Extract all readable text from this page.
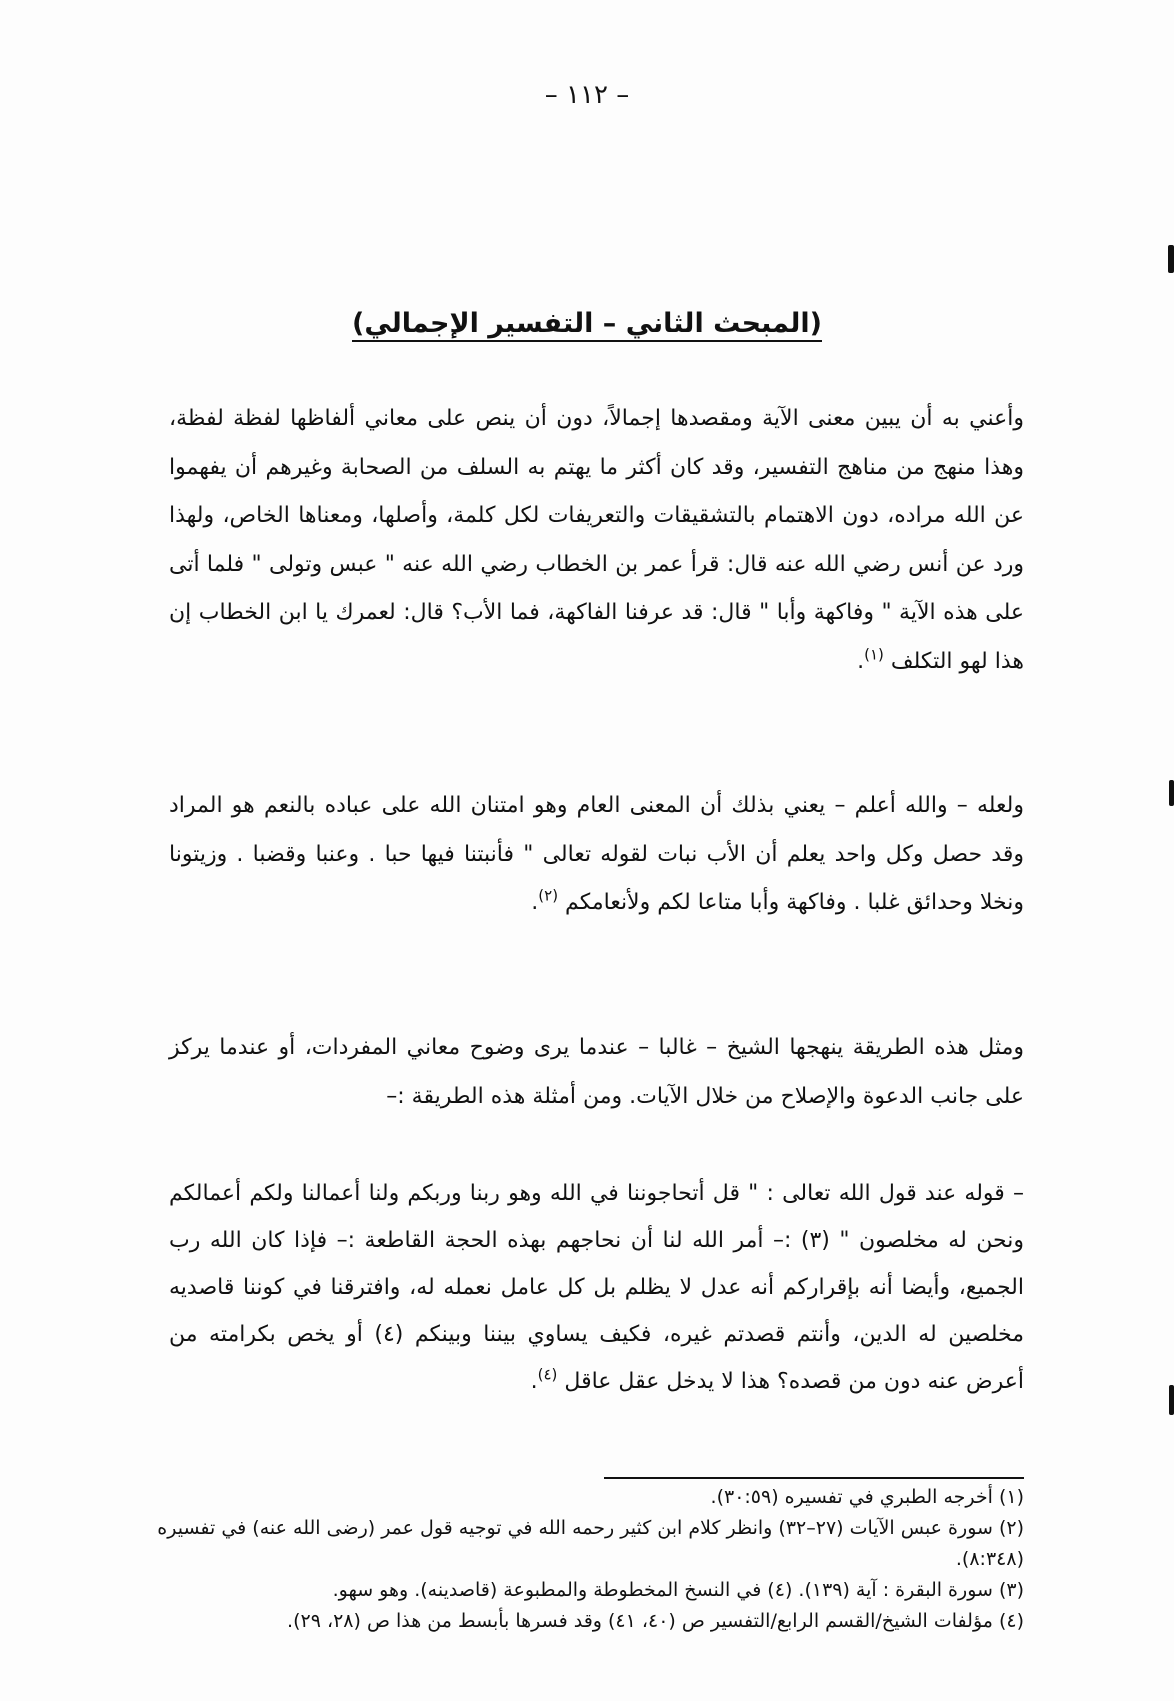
– ١١٢ –
(المبحث الثاني – التفسير الإجمالي)

وأعني به أن يبين معنى الآية ومقصدها إجمالاً، دون أن ينص على معاني ألفاظها لفظة لفظة، وهذا منهج من مناهج التفسير، وقد كان أكثر ما يهتم به السلف من الصحابة وغيرهم أن يفهموا عن الله مراده، دون الاهتمام بالتشقيقات والتعريفات لكل كلمة، وأصلها، ومعناها الخاص، ولهذا ورد عن أنس رضي الله عنه قال: قرأ عمر بن الخطاب رضي الله عنه " عبس وتولى " فلما أتى على هذه الآية " وفاكهة وأبا " قال: قد عرفنا الفاكهة، فما الأب؟ قال: لعمرك يا ابن الخطاب إن هذا لهو التكلف $^{(١)}$.

ولعله – والله أعلم – يعني بذلك أن المعنى العام وهو امتنان الله على عباده بالنعم هو المراد وقد حصل وكل واحد يعلم أن الأب نبات لقوله تعالى " فأنبتنا فيها حبا . وعنبا وقضبا . وزيتونا ونخلا وحدائق غلبا . وفاكهة وأبا متاعا لكم ولأنعامكم $^{(٢)}$.

ومثل هذه الطريقة ينهجها الشيخ – غالبا – عندما يرى وضوح معاني المفردات، أو عندما يركز على جانب الدعوة والإصلاح من خلال الآيات. ومن أمثلة هذه الطريقة :–

– قوله عند قول الله تعالى : " قل أتحاجوننا في الله وهو ربنا وربكم ولنا أعمالنا ولكم أعمالكم ونحن له مخلصون " (٣) :– أمر الله لنا أن نحاجهم بهذه الحجة القاطعة :– فإذا كان الله رب الجميع، وأيضا أنه بإقراركم أنه عدل لا يظلم بل كل عامل نعمله له، وافترقنا في كوننا قاصديه مخلصين له الدين، وأنتم قصدتم غيره، فكيف يساوي بيننا وبينكم (٤) أو يخص بكرامته من أعرض عنه دون من قصده؟ هذا لا يدخل عقل عاقل $^{(٤)}$.

(١)أخرجه الطبري في تفسيره (٣٠:٥٩).
(٢)سورة عبس الآيات (٢٧–٣٢) وانظر كلام ابن كثير رحمه الله في توجيه قول عمر (رضى الله عنه) في تفسيره (٨:٣٤٨).
(٣)سورة البقرة : آية (١٣٩). (٤) في النسخ المخطوطة والمطبوعة (قاصدينه). وهو سهو.
(٤)مؤلفات الشيخ/القسم الرابع/التفسير ص (٤٠، ٤١) وقد فسرها بأبسط من هذا ص (٢٨، ٢٩).
